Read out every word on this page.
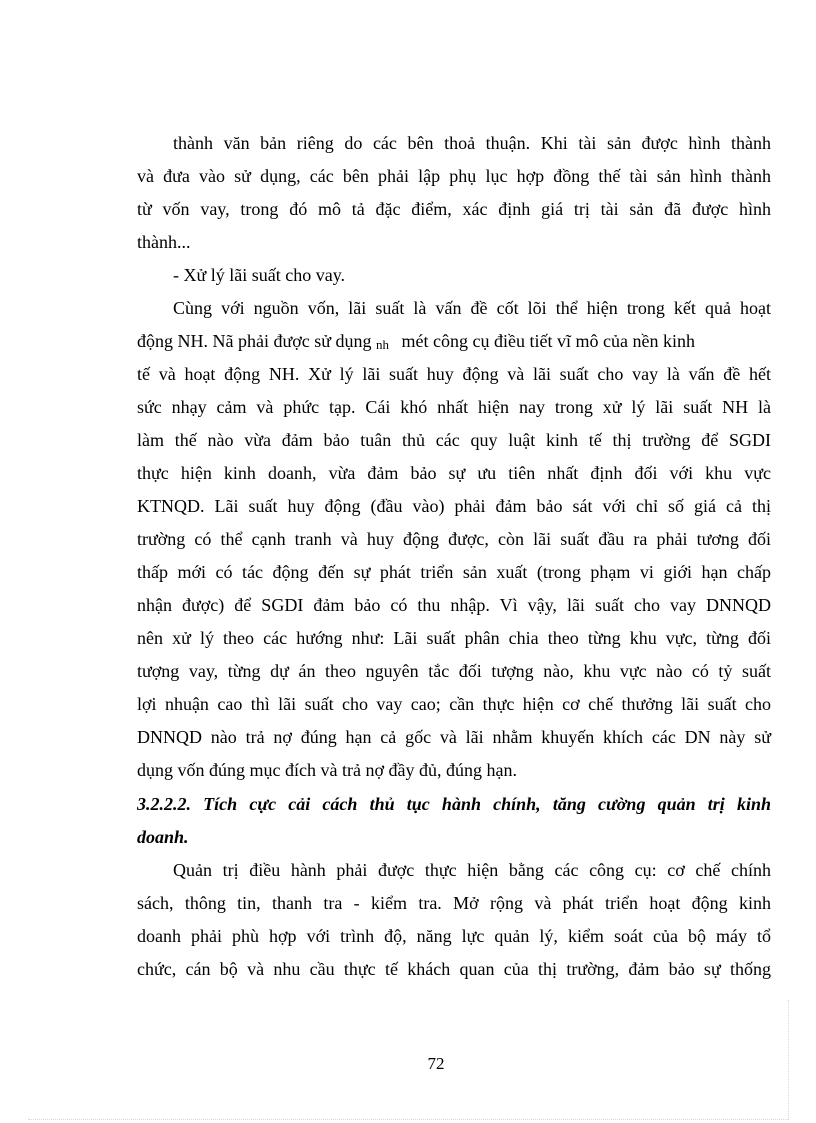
thành văn bản riêng do các bên thoả thuận. Khi tài sản được hình thành
và đưa vào sử dụng, các bên phải lập phụ lục hợp đồng thế tài sản hình thành
từ vốn vay, trong đó mô tả đặc điểm, xác định giá trị tài sản đã được hình
thành...
- Xử lý lãi suất cho vay.
Cùng với nguồn vốn, lãi suất là vấn đề cốt lõi thể hiện trong kết quả hoạt
động NH. Nã phải được sử dụng nh mét công cụ điều tiết vĩ mô của nền kinh
tế và hoạt động NH. Xử lý lãi suất huy động và lãi suất cho vay là vấn đề hết
sức nhạy cảm và phức tạp. Cái khó nhất hiện nay trong xử lý lãi suất NH là
làm thế nào vừa đảm bảo tuân thủ các quy luật kinh tế thị trường để SGDI
thực hiện kinh doanh, vừa đảm bảo sự ưu tiên nhất định đối với khu vực
KTNQD. Lãi suất huy động (đầu vào) phải đảm bảo sát với chỉ số giá cả thị
trường có thể cạnh tranh và huy động được, còn lãi suất đầu ra phải tương đối
thấp mới có tác động đến sự phát triển sản xuất (trong phạm vi giới hạn chấp
nhận được) để SGDI đảm bảo có thu nhập. Vì vậy, lãi suất cho vay DNNQD
nên xử lý theo các hướng như: Lãi suất phân chia theo từng khu vực, từng đối
tượng vay, từng dự án theo nguyên tắc đối tượng nào, khu vực nào có tỷ suất
lợi nhuận cao thì lãi suất cho vay cao; cần thực hiện cơ chế thưởng lãi suất cho
DNNQD nào trả nợ đúng hạn cả gốc và lãi nhằm khuyến khích các DN này sử
dụng vốn đúng mục đích và trả nợ đầy đủ, đúng hạn.
3.2.2.2. Tích cực cải cách thủ tục hành chính, tăng cường quản trị kinh
doanh.
Quản trị điều hành phải được thực hiện bằng các công cụ: cơ chế chính
sách, thông tin, thanh tra - kiểm tra. Mở rộng và phát triển hoạt động kinh
doanh phải phù hợp với trình độ, năng lực quản lý, kiểm soát của bộ máy tổ
chức, cán bộ và nhu cầu thực tế khách quan của thị trường, đảm bảo sự thống
72
